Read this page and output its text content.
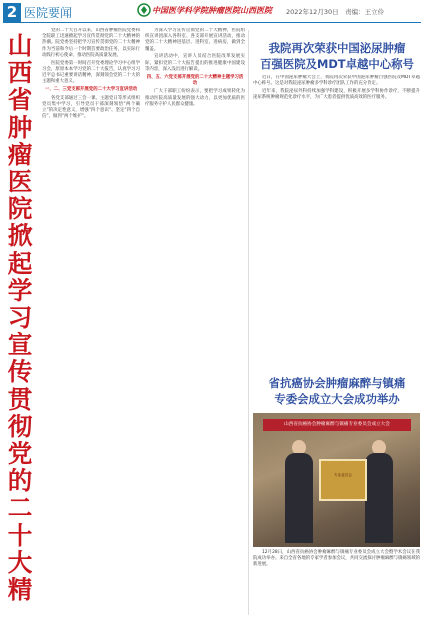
2 医院要闻	中国医学科学院肿瘤医院山西医院 2022年12月30日　责编：王立伶
山
西
省
肿
瘤
医
院
掀
起
学
习
宣
传
贯
彻
党
的
二
十
大
精

党的二十大召开以来，山西省肿瘤医院党委和全院职工迅速掀起学习宣传贯彻党的二十大精神的热潮。院党委坚持把学习宣传贯彻党的二十大精神作为当前和今后一个时期首要政治任务，以实际行动践行初心使命，推动医院高质量发展。

医院党委第一时间召开党委理论学习中心组学习会，原原本本学习党的二十大报告，认真学习习近平总书记重要讲话精神，深刻领会党的二十大的主题和重大意义。

一、二、三党支部开展党的二十大学习宣讲活动

各党支部通过三会一课、主题党日等形式组织党员集中学习，引导党员干部深刻领悟“两个确立”的决定性意义，增强“四个意识”、坚定“四个自信”、做到“两个维护”。

为深入学习宣传贯彻党的二十大精神，医院组织宣讲团深入各科室、各支部开展宣讲活动，推动党的二十大精神进基层、进科室、进病房，做到全覆盖。

宣讲活动中，宣讲人员结合医院改革发展实际，紧扣党的二十大报告提出的推进健康中国建设等内容，深入浅出进行解读。

四、五、六党支部开展党的二十大精神主题学习活动

广大干部职工纷纷表示，要把学习成果转化为推动医院高质量发展的强大动力，以更加优质的医疗服务守护人民群众健康。

我院再次荣获中国泌尿肿瘤
百强医院及MDT卓越中心称号

近日，在中国泌尿肿瘤大会上，我院再次荣获中国泌尿肿瘤百强医院及MDT卓越中心称号。这是对我院泌尿肿瘤多学科诊疗团队工作的充分肯定。

近年来，我院泌尿外科持续加强学科建设，积极开展多学科协作诊疗，不断提升泌尿系统肿瘤规范化诊疗水平，为广大患者提供优质高效的医疗服务。

省抗癌协会肿瘤麻醉与镇痛
专委会成立大会成功举办
山西省抗癌协会肿瘤麻醉与镇痛专业委员会成立大会
专业委员会
12月28日，山西省抗癌协会肿瘤麻醉与镇痛专业委员会成立大会暨学术会议在我院成功举办。来自全省各地的专家学者参加会议，共同交流探讨肿瘤麻醉与镇痛领域的新进展。
